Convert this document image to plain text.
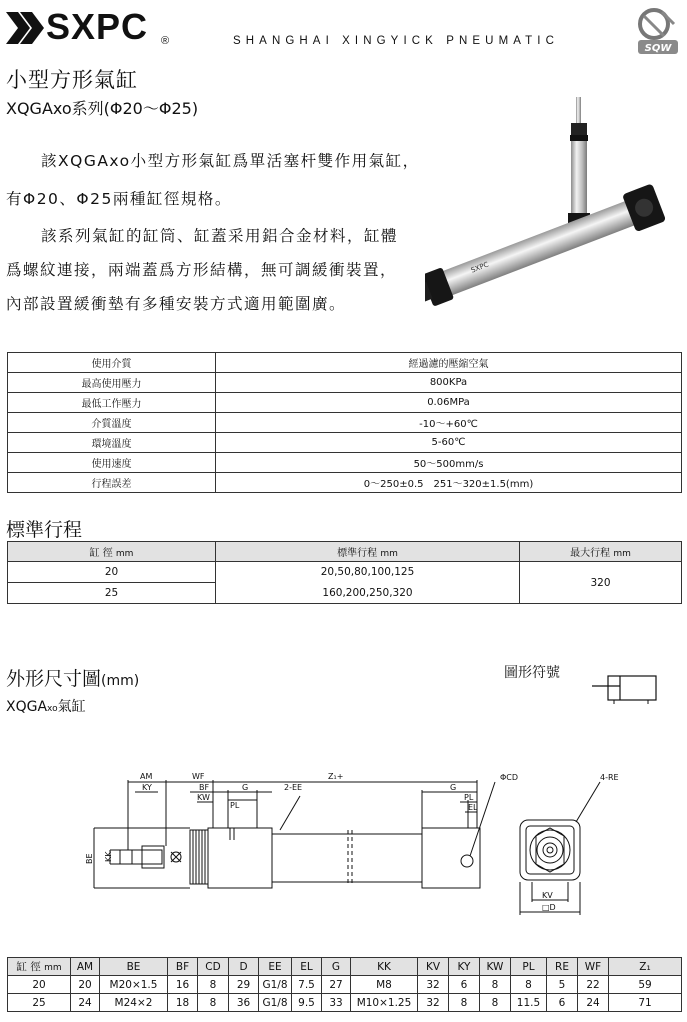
SXPC ®	SHANGHAI XINGYICK PNEUMATIC
SQW
小型方形氣缸
XQGAxo系列(Φ20～Φ25)
該XQGAxo小型方形氣缸爲單活塞杆雙作用氣缸，
有Φ20、Φ25兩種缸徑規格。
該系列氣缸的缸筒、缸蓋采用鋁合金材料，缸體
爲螺紋連接，兩端蓋爲方形結構，無可調緩衝裝置，
內部設置緩衝墊有多種安裝方式適用範圍廣。
SXPC
使用介質	經過濾的壓縮空氣
最高使用壓力	800KPa
最低工作壓力	0.06MPa
介質溫度	-10～+60℃
環境溫度	5-60℃
使用速度	50～500mm/s
行程誤差	0～250±0.5　251～320±1.5(mm)
標準行程
缸 徑 mm	標準行程 mm	最大行程 mm
20	20,50,80,100,125	320
25	160,200,250,320	
外形尺寸圖(mm)	圖形符號
XQGAxo氣缸
AM
KY
WF
BF
KW
PL
G	2-EE
Z₁+
G
PL
EL
ΦCD	4-RE
KV
□D
BE KK
缸 徑 mm	AM	BE	BF	CD	D	EE	EL	G	KK	KV	KY	KW	PL	RE	WF	Z₁
20	20	M20×1.5	16	8	29	G1/8	7.5	27	M8	32	6	8	8	5	22	59
25	24	M24×2	18	8	36	G1/8	9.5	33	M10×1.25	32	8	8	11.5	6	24	71
